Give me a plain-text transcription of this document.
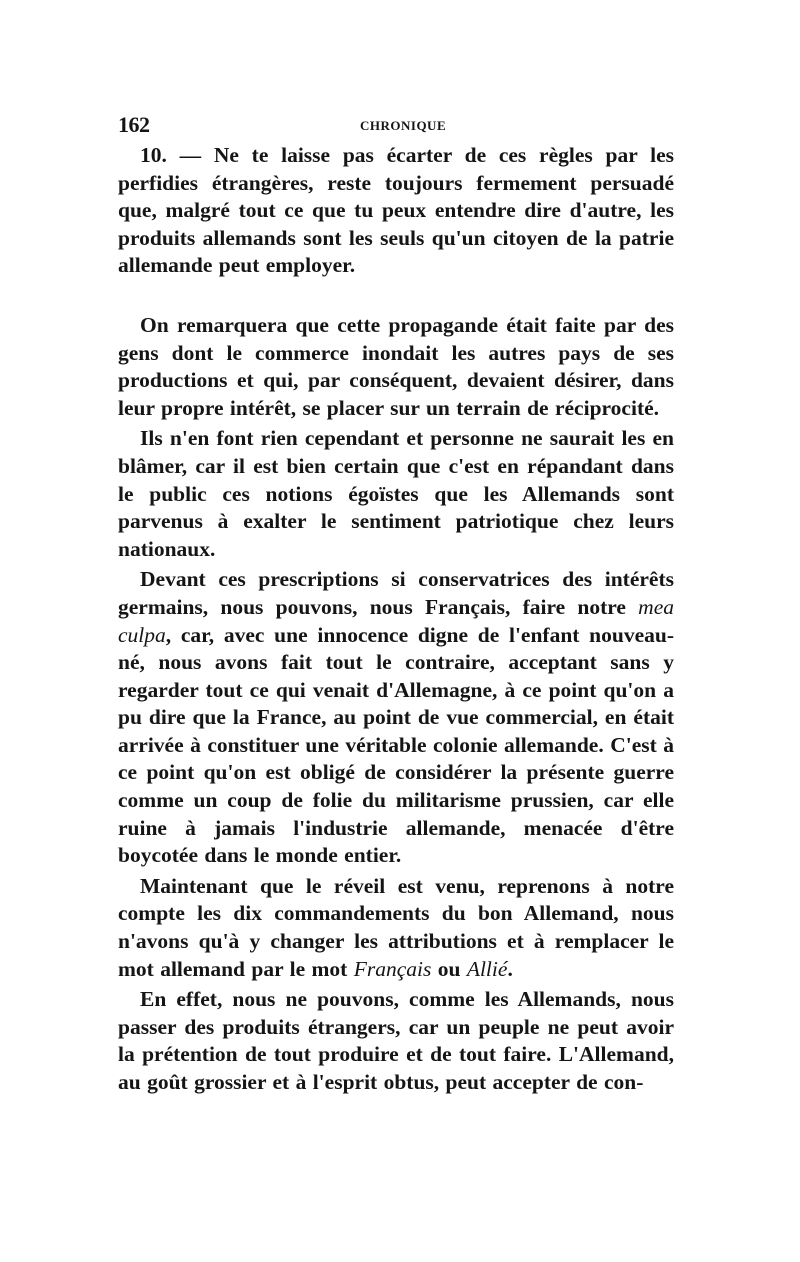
162	CHRONIQUE

10. — Ne te laisse pas écarter de ces règles par les perfidies étrangères, reste toujours fermement persuadé que, malgré tout ce que tu peux entendre dire d'autre, les produits allemands sont les seuls qu'un citoyen de la patrie allemande peut employer.

On remarquera que cette propagande était faite par des gens dont le commerce inondait les autres pays de ses productions et qui, par conséquent, devaient désirer, dans leur propre intérêt, se placer sur un terrain de réciprocité.

Ils n'en font rien cependant et personne ne saurait les en blâmer, car il est bien certain que c'est en répandant dans le public ces notions égoïstes que les Allemands sont parvenus à exalter le sentiment patriotique chez leurs nationaux.

Devant ces prescriptions si conservatrices des intérêts germains, nous pouvons, nous Français, faire notre mea culpa, car, avec une innocence digne de l'enfant nouveau-né, nous avons fait tout le contraire, acceptant sans y regarder tout ce qui venait d'Allemagne, à ce point qu'on a pu dire que la France, au point de vue commercial, en était arrivée à constituer une véritable colonie allemande. C'est à ce point qu'on est obligé de considérer la présente guerre comme un coup de folie du militarisme prussien, car elle ruine à jamais l'industrie allemande, menacée d'être boycotée dans le monde entier.

Maintenant que le réveil est venu, reprenons à notre compte les dix commandements du bon Allemand, nous n'avons qu'à y changer les attributions et à remplacer le mot allemand par le mot Français ou Allié.

En effet, nous ne pouvons, comme les Allemands, nous passer des produits étrangers, car un peuple ne peut avoir la prétention de tout produire et de tout faire. L'Allemand, au goût grossier et à l'esprit obtus, peut accepter de con-
